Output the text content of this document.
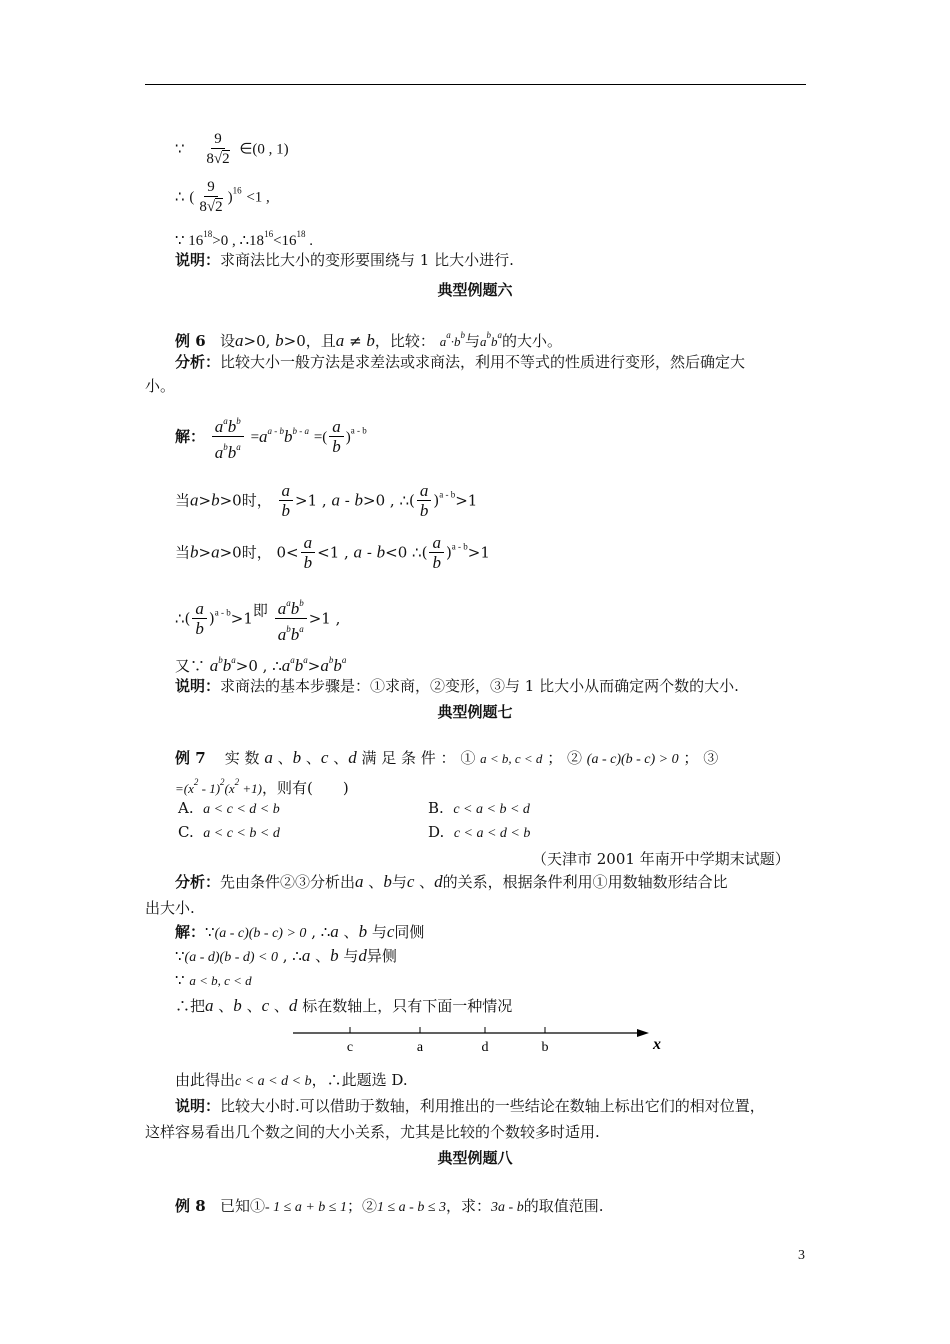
∵ $\frac{9}{8√2}$ ∈(0 , 1)
∴ ( $\frac{9}{8√2} )^{16} <1$ ,
∵ $16^{18}>0$ , $\therefore 18^{16}<16^{18}$ .
说明：求商法比大小的变形要围绕与 1 比大小进行.
典型例题六
例 6 设a>0, b>0，且a ≠ b，比较： $a^a\cdot b^b$与$a^bb^a$的大小。
分析：比较大小一般方法是求差法或求商法，利用不等式的性质进行变形，然后确定大
小。
解： $\frac{a^ab^b}{a^bb^a} =a^{a - b}b^{b - a}$ =( $\frac{a}{b} )^{a - b}$
当a>b>0时， $\frac{a}{b} >1$ , a - b>0 , ∴( $\frac{a}{b} )^{a - b}>1$
当b>a>0时， $0< \frac{a}{b} <1$ , a - b<0 ∴( $\frac{a}{b} )^{a - b}>1$
∴( $\frac{a}{b} )^{a - b}>1$即 $\frac{a^ab^b}{a^bb^a} >1$ ,
又∵ $a^bb^a>0$ , $\therefore a^ab^a>a^bb^a$
说明：求商法的基本步骤是：①求商，②变形，③与 1 比大小从而确定两个数的大小.
典型例题七
例 7 实 数 a 、b 、c 、d 满 足 条 件 ： ① a < b, c < d ； ② (a - c)(b - c) > 0 ； ③
$=(x^2 - 1)^2(x^2 +1)$，则有(　　)
A. a < c < d < b	B. c < a < b < d
C. a < c < b < d	D. c < a < d < b
（天津市 2001 年南开中学期末试题）
分析：先由条件②③分析出a 、b与c 、d的关系，根据条件利用①用数轴数形结合比
出大小.
解：∵(a - c)(b - c) > 0 , ∴a 、b 与c同侧
∵(a - d)(b - d) < 0 , ∴a 、b 与d异侧
∵ a < b, c < d
∴把a 、b 、c 、d 标在数轴上，只有下面一种情况
c	a	d	b	x
由此得出c < a < d < b，∴此题选 D.
说明：比较大小时.可以借助于数轴，利用推出的一些结论在数轴上标出它们的相对位置，
这样容易看出几个数之间的大小关系，尤其是比较的个数较多时适用.
典型例题八
例 8 已知①- 1 ≤ a + b ≤ 1；②1 ≤ a - b ≤ 3，求：3a - b的取值范围.
3
